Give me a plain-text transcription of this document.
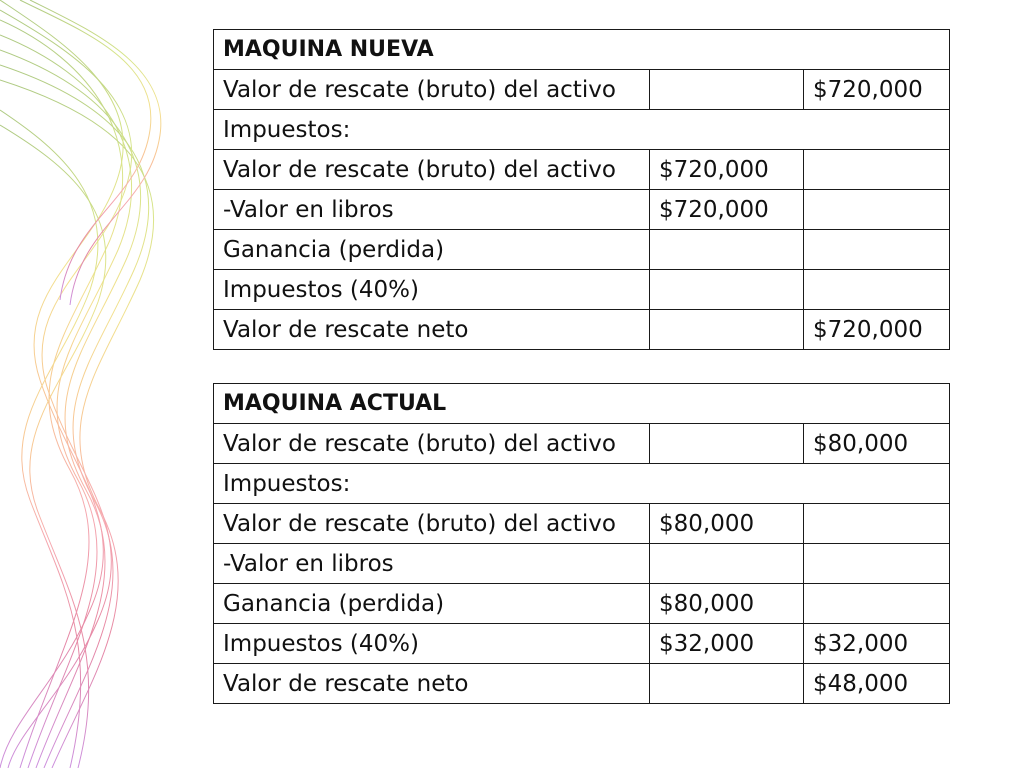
MAQUINA NUEVA		
Valor de rescate (bruto) del activo		$720,000
Impuestos:		
Valor de rescate (bruto) del activo	$720,000	
-Valor en libros	$720,000	
Ganancia (perdida)		
Impuestos (40%)		
Valor de rescate neto		$720,000
MAQUINA ACTUAL		
Valor de rescate (bruto) del activo		$80,000
Impuestos:		
Valor de rescate (bruto) del activo	$80,000	
-Valor en libros		
Ganancia (perdida)	$80,000	
Impuestos (40%)	$32,000	$32,000
Valor de rescate neto		$48,000
